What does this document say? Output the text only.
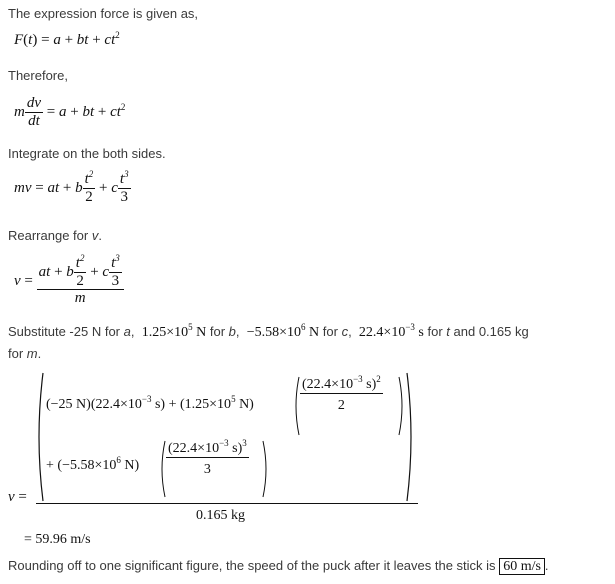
The expression force is given as,
F(t) = a + bt + $ct^2$
Therefore,
m $\frac{dv}{dt} = a$ + bt + $ct^2$
Integrate on the both sides.
mv = at + b $\frac{t^2}{2} + c \frac{t^3}{3}$
Rearrange for v.
$v = \frac{at + b \frac{t^2}{2} + c \frac{t^3}{3}}{m}$
Substitute -25 N for a,  $1.25\times 10^5$ N for b,  $-5.58\times 10^6$ N for c,  $22.4\times 10^{-3}$ s for t and 0.165 kg
for m.
v =
(−25 $N)(22.4\times 10^{-3}$ $s) + (1.25\times 10^5$ N)	$\frac{(22.4\times 10^{-3} s)^2}{2}$
+ ($-5.58\times 10^6$ $N) \frac{(22.4\times 10^{-3} s)^3}{3}$
0.165 kg
= 59.96 m/s
Rounding off to one significant figure, the speed of the puck after it leaves the stick is 60 m/s .
